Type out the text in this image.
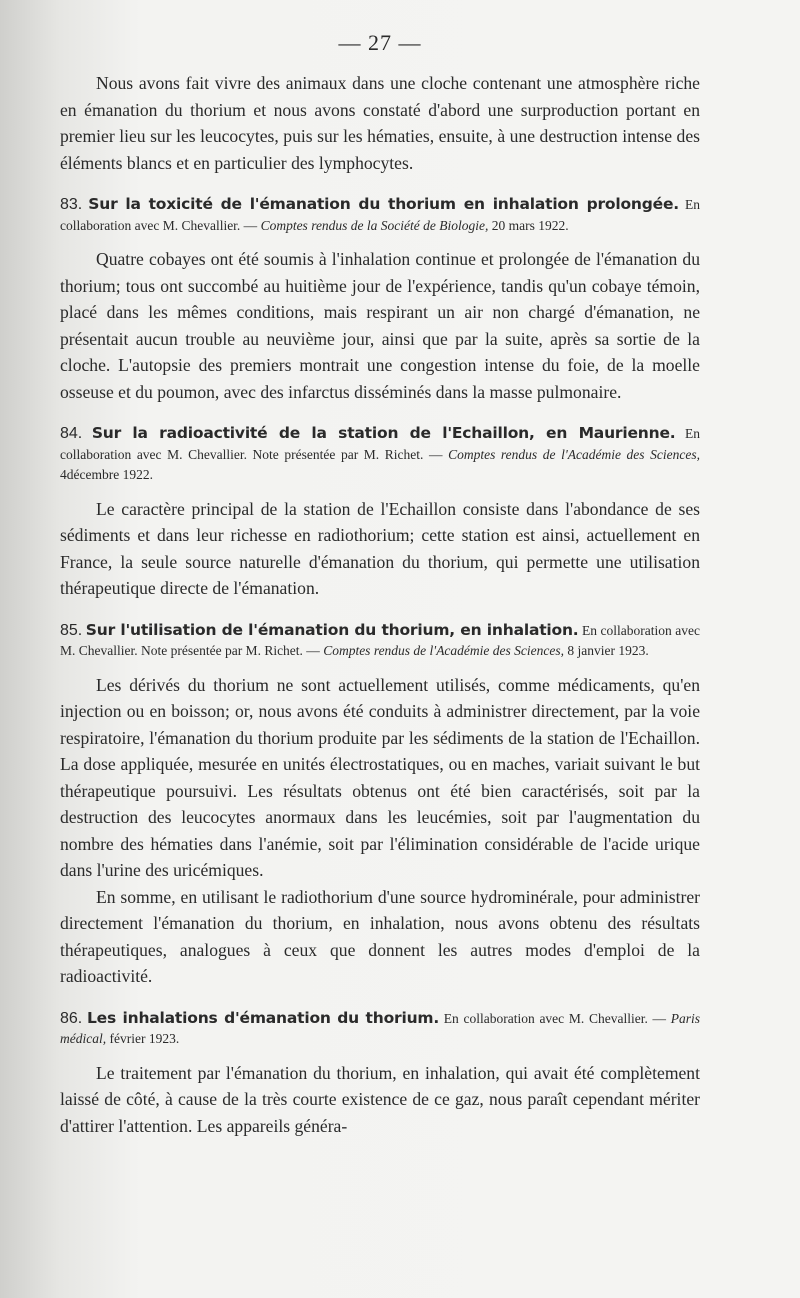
— 27 —

Nous avons fait vivre des animaux dans une cloche contenant une atmosphère riche en émanation du thorium et nous avons constaté d'abord une surproduction portant en premier lieu sur les leucocytes, puis sur les hématies, ensuite, à une destruction intense des éléments blancs et en particulier des lymphocytes.

83. Sur la toxicité de l'émanation du thorium en inhalation prolongée. En collaboration avec M. Chevallier. — Comptes rendus de la Société de Biologie, 20 mars 1922.

Quatre cobayes ont été soumis à l'inhalation continue et prolongée de l'émanation du thorium; tous ont succombé au huitième jour de l'expérience, tandis qu'un cobaye témoin, placé dans les mêmes conditions, mais respirant un air non chargé d'émanation, ne présentait aucun trouble au neuvième jour, ainsi que par la suite, après sa sortie de la cloche. L'autopsie des premiers montrait une congestion intense du foie, de la moelle osseuse et du poumon, avec des infarctus disséminés dans la masse pulmonaire.

84. Sur la radioactivité de la station de l'Echaillon, en Maurienne. En collaboration avec M. Chevallier. Note présentée par M. Richet. — Comptes rendus de l'Académie des Sciences, 4décembre 1922.

Le caractère principal de la station de l'Echaillon consiste dans l'abondance de ses sédiments et dans leur richesse en radiothorium; cette station est ainsi, actuellement en France, la seule source naturelle d'émanation du thorium, qui permette une utilisation thérapeutique directe de l'émanation.

85. Sur l'utilisation de l'émanation du thorium, en inhalation. En collaboration avec M. Chevallier. Note présentée par M. Richet. — Comptes rendus de l'Académie des Sciences, 8 janvier 1923.

Les dérivés du thorium ne sont actuellement utilisés, comme médicaments, qu'en injection ou en boisson; or, nous avons été conduits à administrer directement, par la voie respiratoire, l'émanation du thorium produite par les sédiments de la station de l'Echaillon. La dose appliquée, mesurée en unités électrostatiques, ou en maches, variait suivant le but thérapeutique poursuivi. Les résultats obtenus ont été bien caractérisés, soit par la destruction des leucocytes anormaux dans les leucémies, soit par l'augmentation du nombre des hématies dans l'anémie, soit par l'élimination considérable de l'acide urique dans l'urine des uricémiques.

En somme, en utilisant le radiothorium d'une source hydrominérale, pour administrer directement l'émanation du thorium, en inhalation, nous avons obtenu des résultats thérapeutiques, analogues à ceux que donnent les autres modes d'emploi de la radioactivité.

86. Les inhalations d'émanation du thorium. En collaboration avec M. Chevallier. — Paris médical, février 1923.

Le traitement par l'émanation du thorium, en inhalation, qui avait été complètement laissé de côté, à cause de la très courte existence de ce gaz, nous paraît cependant mériter d'attirer l'attention. Les appareils généra-
